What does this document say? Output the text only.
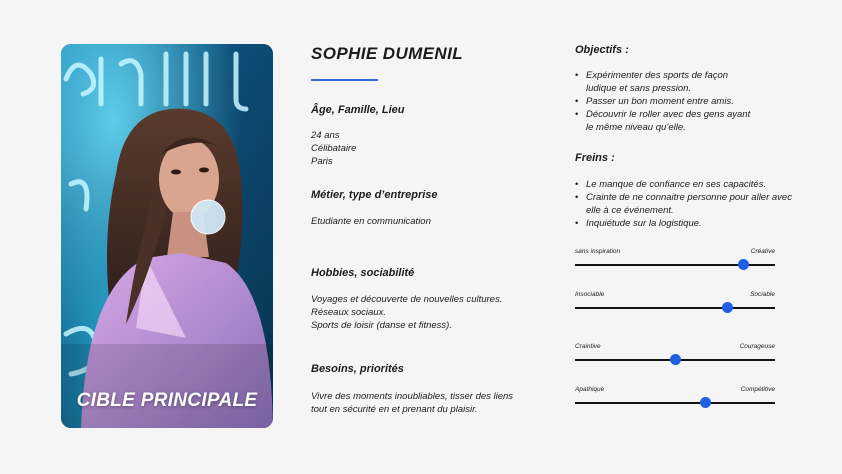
CIBLE PRINCIPALE
SOPHIE DUMENIL
Âge, Famille, Lieu
24 ans
Célibataire
Paris
Métier, type d’entreprise
Etudiante en communication
Hobbies, sociabilité
Voyages et découverte de nouvelles cultures.
Réseaux sociaux.
Sports de loisir (danse et fitness).
Besoins, priorités
Vivre des moments inoubliables, tisser des liens
tout en sécurité en et prenant du plaisir.
Objectifs :
• Expérimenter des sports de façon
ludique et sans pression.
• Passer un bon moment entre amis.
• Découvrir le roller avec des gens ayant
le même niveau qu’elle.
Freins :
• Le manque de confiance en ses capacités.
• Crainte de ne connaitre personne pour aller avec
elle à ce événement.
• Inquiétude sur la logistique.
sans inspiration	Créative
Insociable	Sociable
Craintive	Courageuse
Apathique	Compétitive
